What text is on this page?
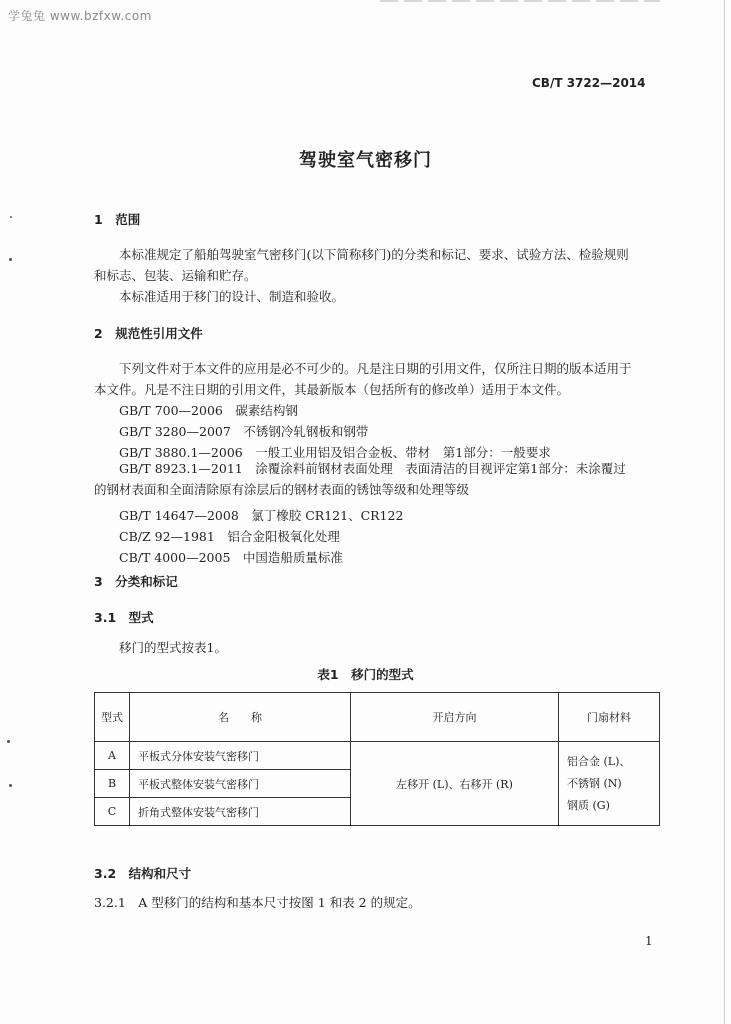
学兔兔 www.bzfxw.com
CB/T 3722—2014
驾驶室气密移门
1　范围
本标准规定了船舶驾驶室气密移门(以下简称移门)的分类和标记、要求、试验方法、检验规则和标志、包装、运输和贮存。
本标准适用于移门的设计、制造和验收。
2　规范性引用文件
下列文件对于本文件的应用是必不可少的。凡是注日期的引用文件，仅所注日期的版本适用于本文件。凡是不注日期的引用文件，其最新版本（包括所有的修改单）适用于本文件。
GB/T 700—2006　碳素结构钢
GB/T 3280—2007　不锈钢冷轧钢板和钢带
GB/T 3880.1—2006　一般工业用铝及铝合金板、带材　第1部分：一般要求
GB/T 8923.1—2011　涂覆涂料前钢材表面处理　表面清洁的目视评定第1部分：未涂覆过的钢材表面和全面清除原有涂层后的钢材表面的锈蚀等级和处理等级
GB/T 14647—2008　氯丁橡胶 CR121、CR122
CB/Z 92—1981　铝合金阳极氧化处理
CB/T 4000—2005　中国造船质量标准
3　分类和标记
3.1　型式
移门的型式按表1。
表1　移门的型式
型式	名　　称	开启方向	门扇材料
A	平板式分体安装气密移门	左移开 (L)、右移开 (R)	铝合金 (L)、
不锈钢 (N)
钢质 (G)

B	平板式整体安装气密移门		
C	折角式整体安装气密移门		
3.2　结构和尺寸
3.2.1　A 型移门的结构和基本尺寸按图 1 和表 2 的规定。
1
